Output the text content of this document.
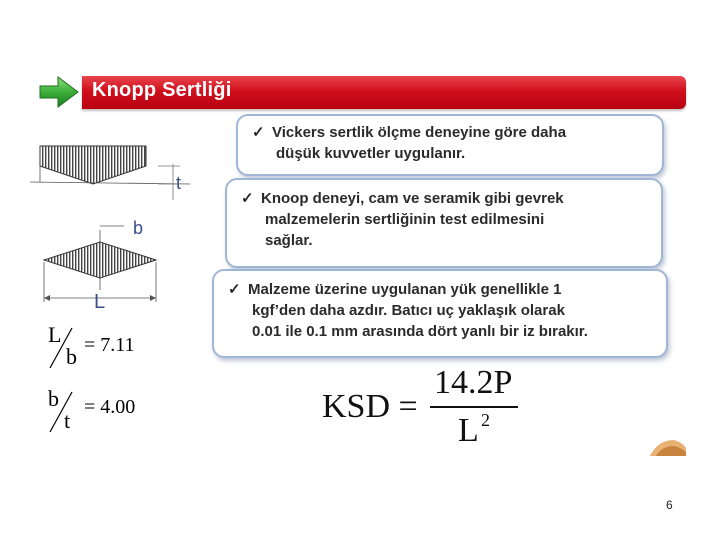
Knopp Sertliği
✓ Vickers sertlik ölçme deneyine göre daha
düşük kuvvetler uygulanır.
✓ Knoop deneyi, cam ve seramik gibi gevrek
malzemelerin sertliğinin test edilmesini
sağlar.
✓ Malzeme üzerine uygulanan yük genellikle 1
kgf’den daha azdır. Batıcı uç yaklaşık olarak
0.01 ile 0.1 mm arasında dört yanlı bir iz bırakır.
t
b
L
L
b = 7.11
b
t
= 4.00	KSD =
14.2P
L 2
6
